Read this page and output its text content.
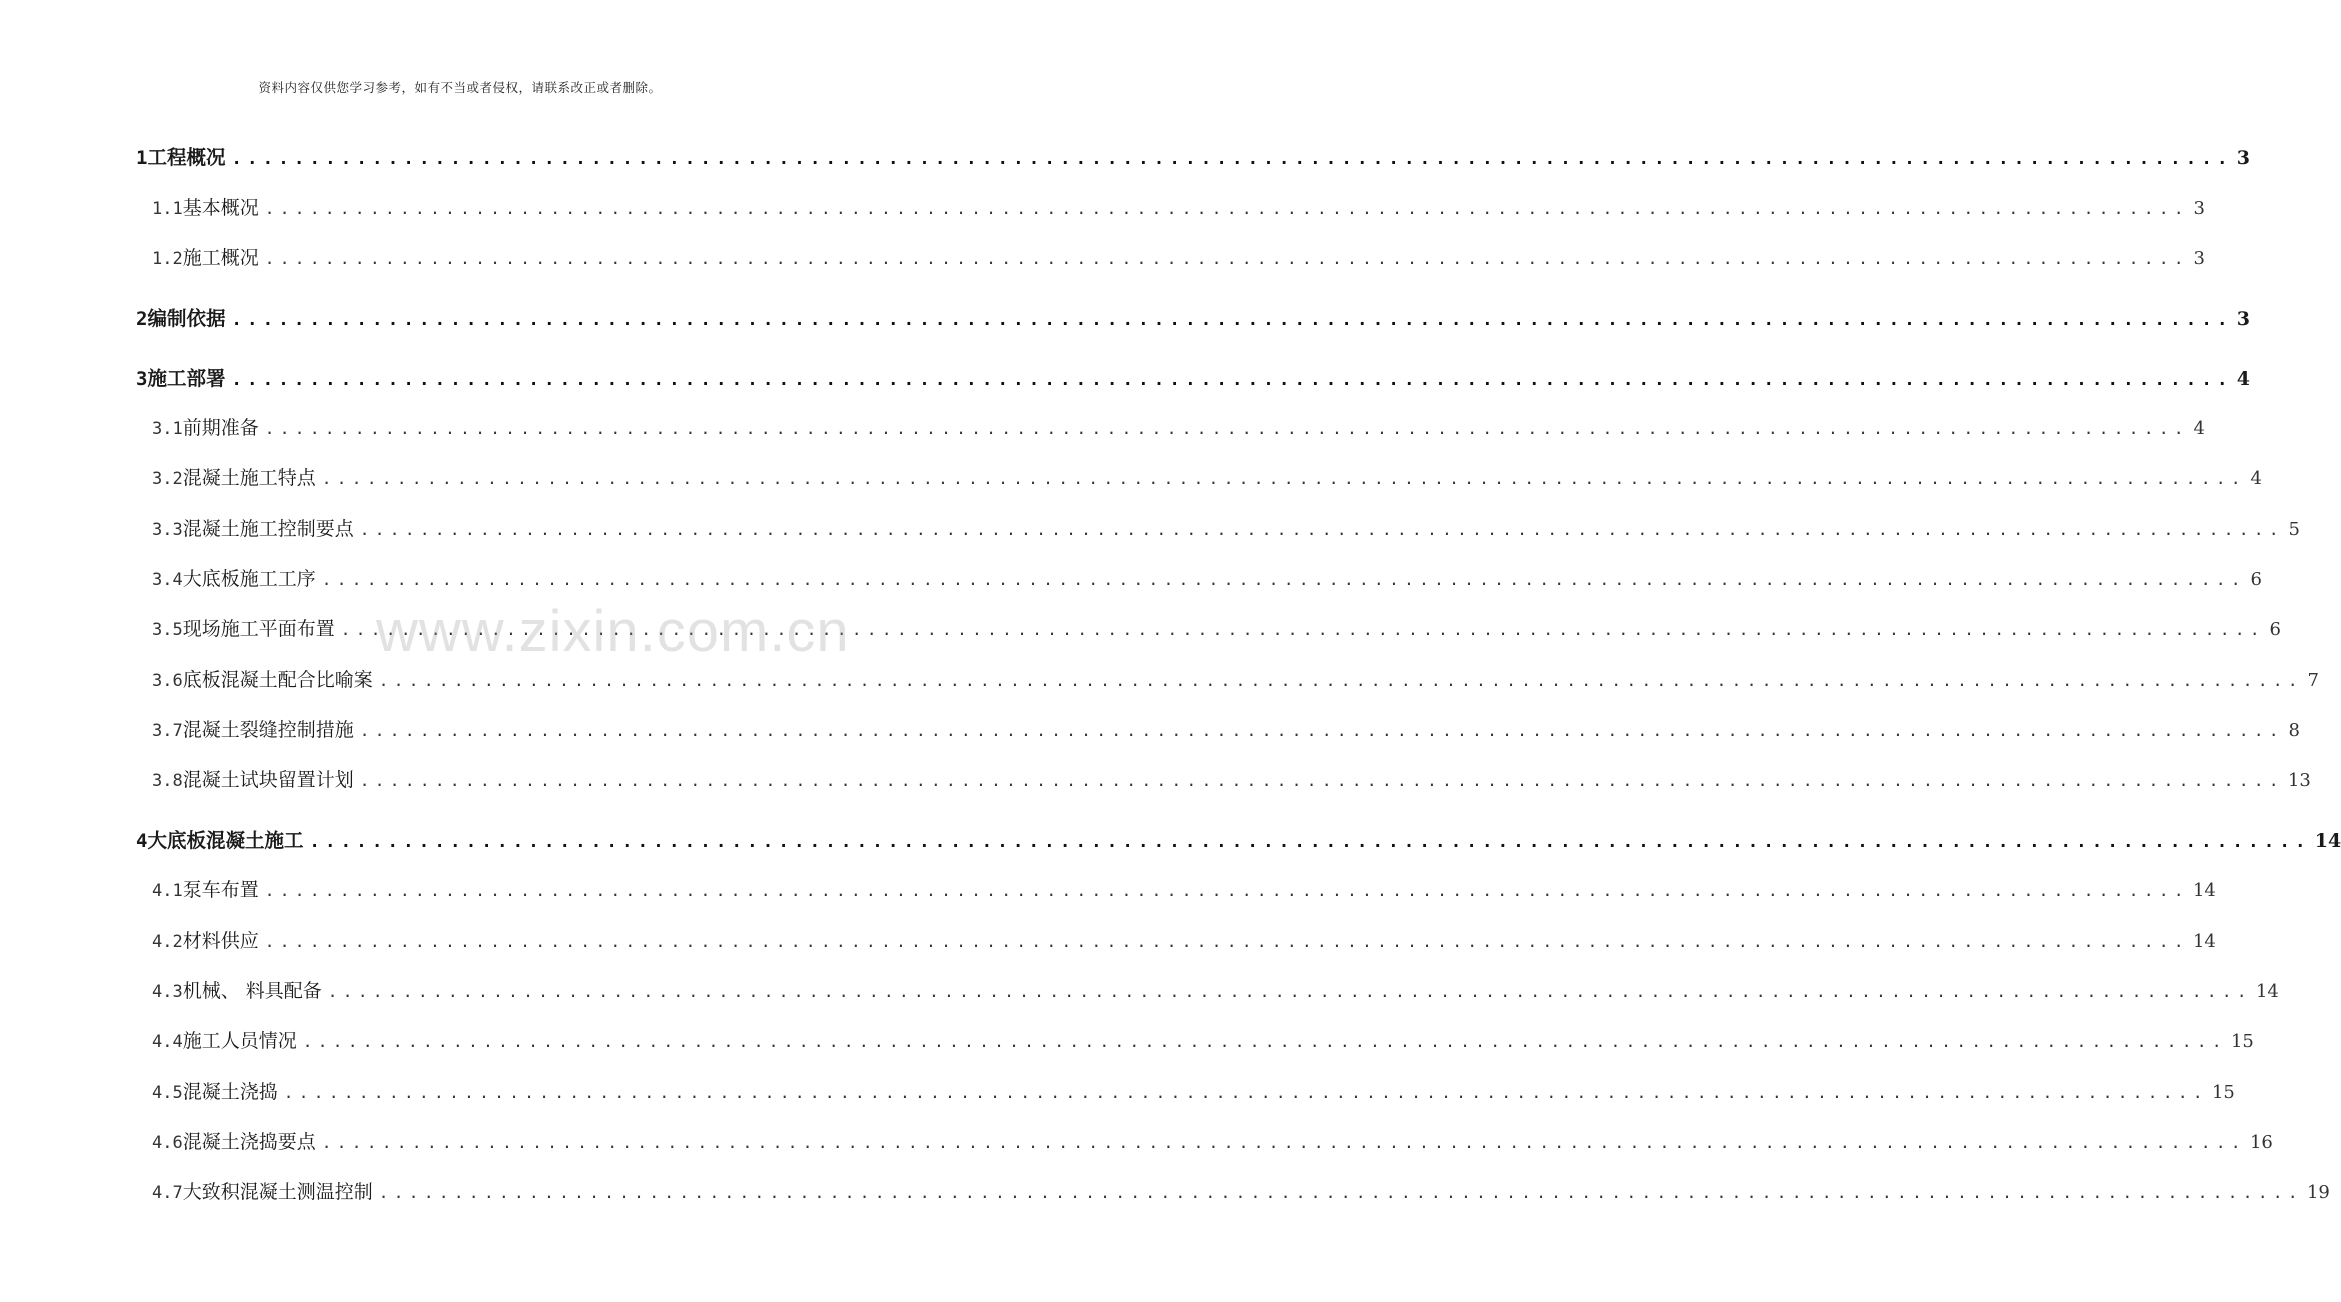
资料内容仅供您学习参考，如有不当或者侵权，请联系改正或者删除。
1 工程概况 ................................................................................................................................ 3
1.1 基本概况 ................................................................................................................................ 3
1.2 施工概况 ................................................................................................................................ 3
2 编制依据 ................................................................................................................................ 3
3 施工部署 ................................................................................................................................ 4
3.1 前期准备 ................................................................................................................................ 4
3.2 混凝土施工特点 ................................................................................................................................ 4
3.3 混凝土施工控制要点 ................................................................................................................................ 5
3.4 大底板施工工序 ................................................................................................................................ 6
3.5 现场施工平面布置 ................................................................................................................................ 6
3.6 底板混凝土配合比喻案 ................................................................................................................................ 7
3.7 混凝土裂缝控制措施 ................................................................................................................................ 8
3.8 混凝土试块留置计划 ................................................................................................................................ 13
4 大底板混凝土施工 ................................................................................................................................ 14
4.1 泵车布置 ................................................................................................................................ 14
4.2 材料供应 ................................................................................................................................ 14
4.3 机械、 料具配备 ................................................................................................................................ 14
4.4 施工人员情况 ................................................................................................................................ 15
4.5 混凝土浇捣 ................................................................................................................................ 15
4.6 混凝土浇捣要点 ................................................................................................................................ 16
4.7 大致积混凝土测温控制 ................................................................................................................................ 19
www.zixin.com.cn
